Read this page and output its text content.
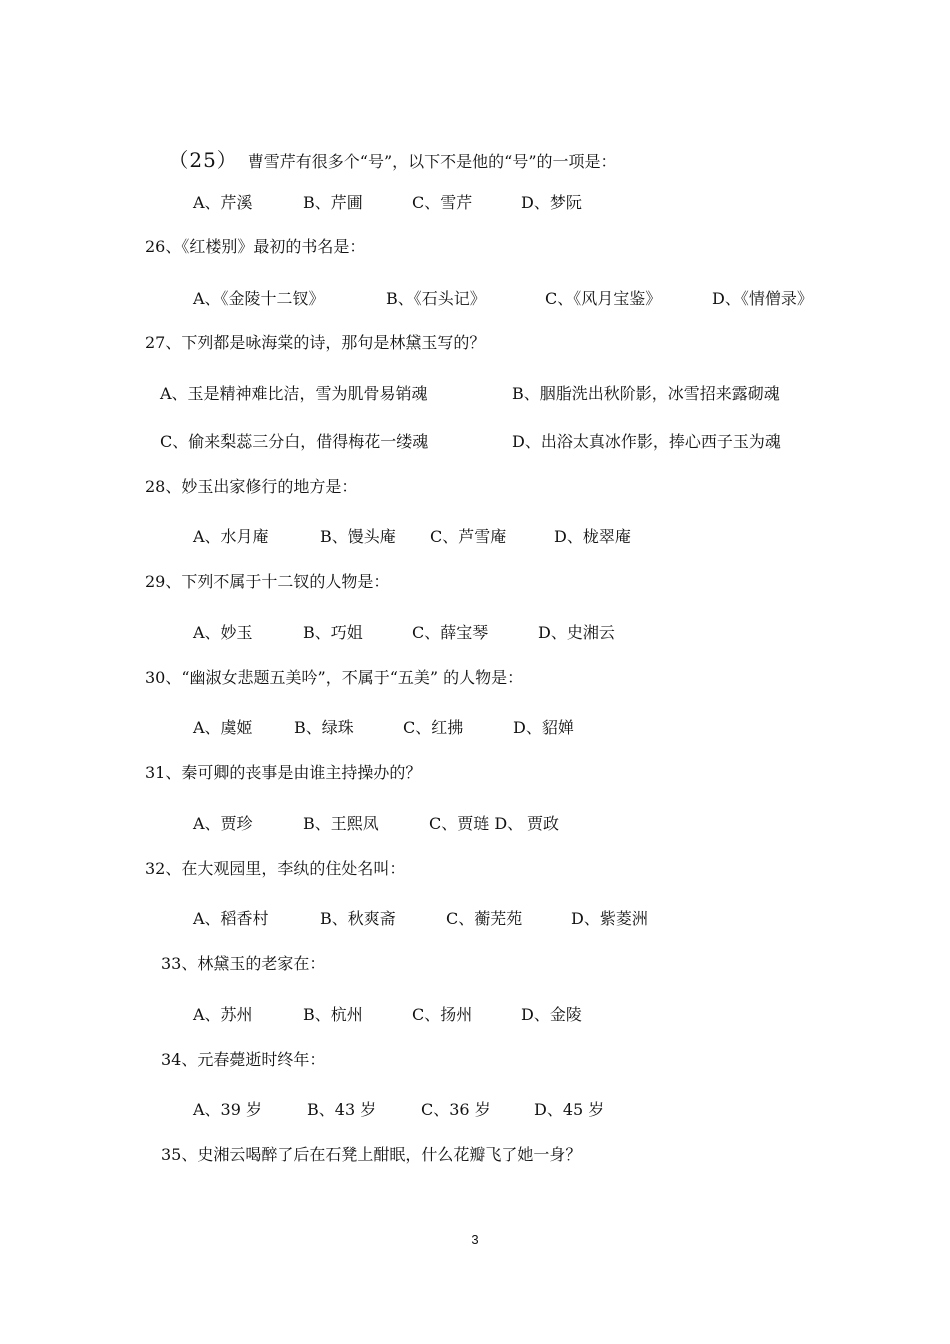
（25） 曹雪芹有很多个“号”，以下不是他的“号”的一项是：

A、芹溪	B、芹圃	C、雪芹	D、梦阮
26、《红楼别》最初的书名是：
A、《金陵十二钗》	B、《石头记》	C、《风月宝鉴》	D、《情僧录》
27、下列都是咏海棠的诗，那句是林黛玉写的？
A、玉是精神难比洁，雪为肌骨易销魂	B、胭脂洗出秋阶影，冰雪招来露砌魂
C、偷来梨蕊三分白，借得梅花一缕魂	D、出浴太真冰作影，捧心西子玉为魂
28、妙玉出家修行的地方是：
A、水月庵	B、馒头庵 C、芦雪庵	D、栊翠庵
29、下列不属于十二钗的人物是：
A、妙玉	B、巧姐	C、薛宝琴	D、史湘云
30、“幽淑女悲题五美吟”，不属于“五美” 的人物是：
A、虞姬	B、绿珠	C、红拂	D、貂婵
31、秦可卿的丧事是由谁主持操办的？
A、贾珍	B、王熙凤	C、贾琏 D、 贾政
32、在大观园里，李纨的住处名叫：
A、稻香村	B、秋爽斋	C、蘅芜苑	D、紫菱洲
33、林黛玉的老家在：
A、苏州	B、杭州	C、扬州	D、金陵
34、元春薨逝时终年：
A、39 岁	B、43 岁	C、36 岁	D、45 岁
35、史湘云喝醉了后在石凳上酣眠，什么花瓣飞了她一身？
3
